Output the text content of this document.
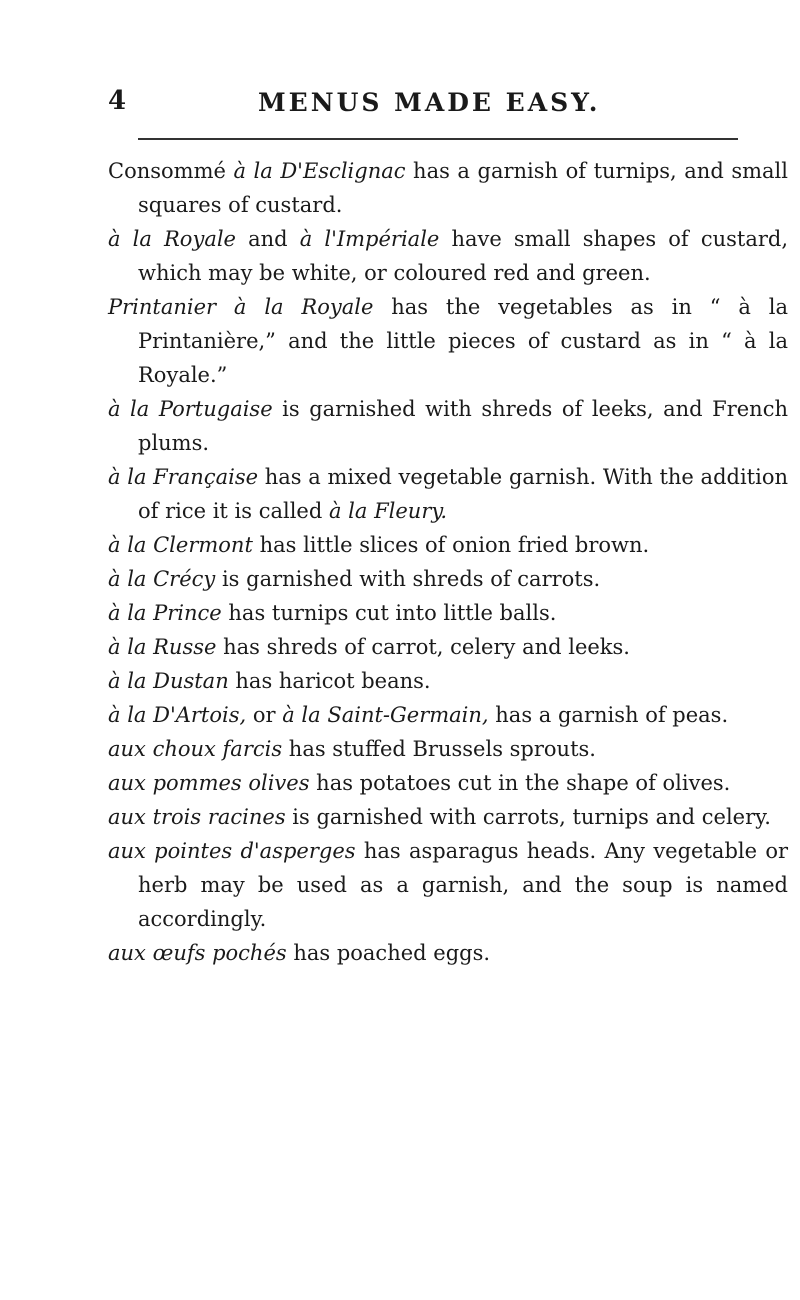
4	MENUS MADE EASY.

Consommé à la D'Esclignac has a garnish of turnips, and small squares of custard.

à la Royale and à l'Impériale have small shapes of custard, which may be white, or coloured red and green.

Printanier à la Royale has the vegetables as in “ à la Printanière,” and the little pieces of custard as in “ à la Royale.”

à la Portugaise is garnished with shreds of leeks, and French plums.

à la Française has a mixed vegetable garnish. With the addition of rice it is called à la Fleury.

à la Clermont has little slices of onion fried brown.

à la Crécy is garnished with shreds of carrots.

à la Prince has turnips cut into little balls.

à la Russe has shreds of carrot, celery and leeks.

à la Dustan has haricot beans.

à la D'Artois, or à la Saint-Germain, has a garnish of peas.

aux choux farcis has stuffed Brussels sprouts.

aux pommes olives has potatoes cut in the shape of olives.

aux trois racines is garnished with carrots, turnips and celery.

aux pointes d'asperges has asparagus heads. Any vegetable or herb may be used as a garnish, and the soup is named accordingly.

aux œufs pochés has poached eggs.
